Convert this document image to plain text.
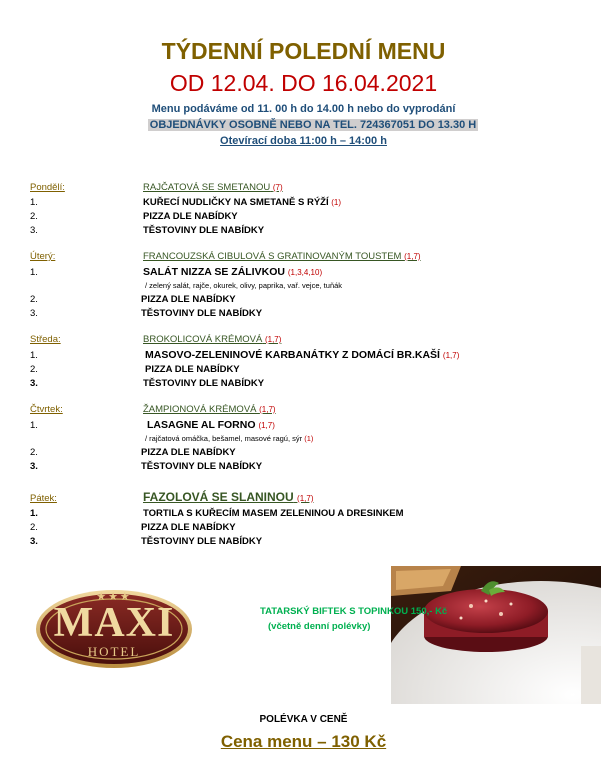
TÝDENNÍ POLEDNÍ MENU
OD 12.04. DO 16.04.2021
Menu podáváme od 11. 00 h do 14.00 h nebo do vyprodání
OBJEDNÁVKY OSOBNĚ NEBO NA TEL. 724367051 DO 13.30 H
Otevírací doba 11:00 h – 14:00 h
Pondělí:	RAJČATOVÁ SE SMETANOU (7)
1.	KUŘECÍ NUDLIČKY NA SMETANĚ S RÝŽÍ (1)
2.	PIZZA DLE NABÍDKY
3.	TĚSTOVINY DLE NABÍDKY
Úterý:	FRANCOUZSKÁ CIBULOVÁ S GRATINOVANÝM TOUSTEM (1,7)
1.	SALÁT NIZZA SE ZÁLIVKOU (1,3,4,10)
/ zelený salát, rajče, okurek, olivy, paprika, vař. vejce, tuňák
2.	PIZZA DLE NABÍDKY
3.	TĚSTOVINY DLE NABÍDKY
Středa:	BROKOLICOVÁ KRÉMOVÁ (1,7)
1.	MASOVO-ZELENINOVÉ KARBANÁTKY Z DOMÁCÍ BR.KAŠÍ (1,7)
2.	PIZZA DLE NABÍDKY
3.	TĚSTOVINY DLE NABÍDKY
Čtvrtek:	ŽAMPIONOVÁ KRÉMOVÁ (1,7)
1.	LASAGNE AL FORNO (1,7)
/ rajčatová omáčka, bešamel, masové ragú, sýr (1)
2.	PIZZA DLE NABÍDKY
3.	TĚSTOVINY DLE NABÍDKY
Pátek:	FAZOLOVÁ SE SLANINOU (1,7)
1.	TORTILA S KUŘECÍM MASEM ZELENINOU A DRESINKEM
2.	PIZZA DLE NABÍDKY
3.	TĚSTOVINY DLE NABÍDKY
★★★
MAXI
HOTEL
TATARSKÝ BIFTEK S TOPINKOU 150,- Kč
(včetně denní polévky)
POLÉVKA V CENĚ
Cena menu – 130 Kč
